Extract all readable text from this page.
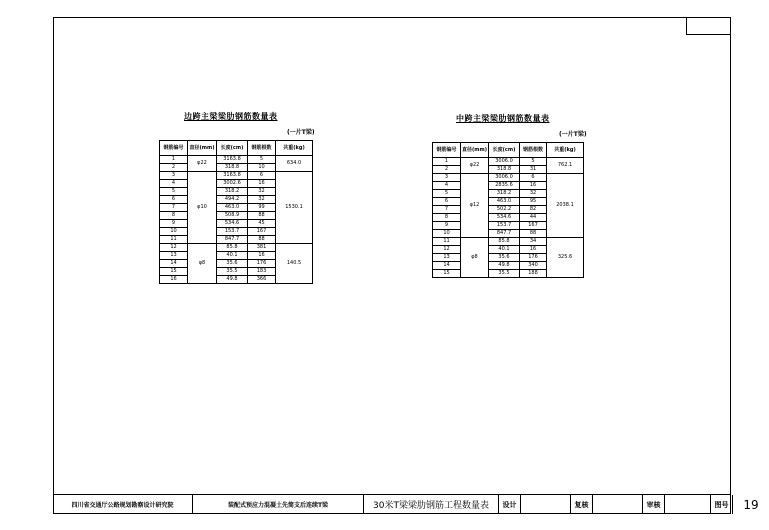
边跨主梁梁肋钢筋数量表
(一片T梁)
钢筋编号	直径(mm)	长度(cm)	钢筋根数	共重(kg)
1	φ22	3163.8	5	634.0
2		318.8	10	
3	φ10	3163.8	6	1530.1
4		3002.6	16	
5		318.2	32	
6		494.2	32	
7		463.0	99	
8		508.9	88	
9		534.6	45	
10		153.7	167	
11		847.7	88	
12	φ8	85.8	381	140.5
13		40.1	16	
14		35.6	176	
15		35.5	183	
16		49.8	366	
中跨主梁梁肋钢筋数量表
(一片T梁)
钢筋编号	直径(mm)	长度(cm)	钢筋根数	共重(kg)
1	φ22	3006.0	5	762.1
2		318.8	31	
3	φ12	3006.0	6	2038.1
4		2835.6	16	
5		318.2	32	
6		463.0	95	
7		502.2	82	
8		534.6	44	
9		153.7	167	
10		847.7	88	
11	φ8	85.8	34	325.6
12		40.1	16	
13		35.6	176	
14		49.8	340	
15		35.5	188	
四川省交通厅公路规划勘察设计研究院	装配式预应力混凝土先简支后连续T梁	30米T梁梁肋钢筋工程数量表	设计	复核	审核	图号	19
